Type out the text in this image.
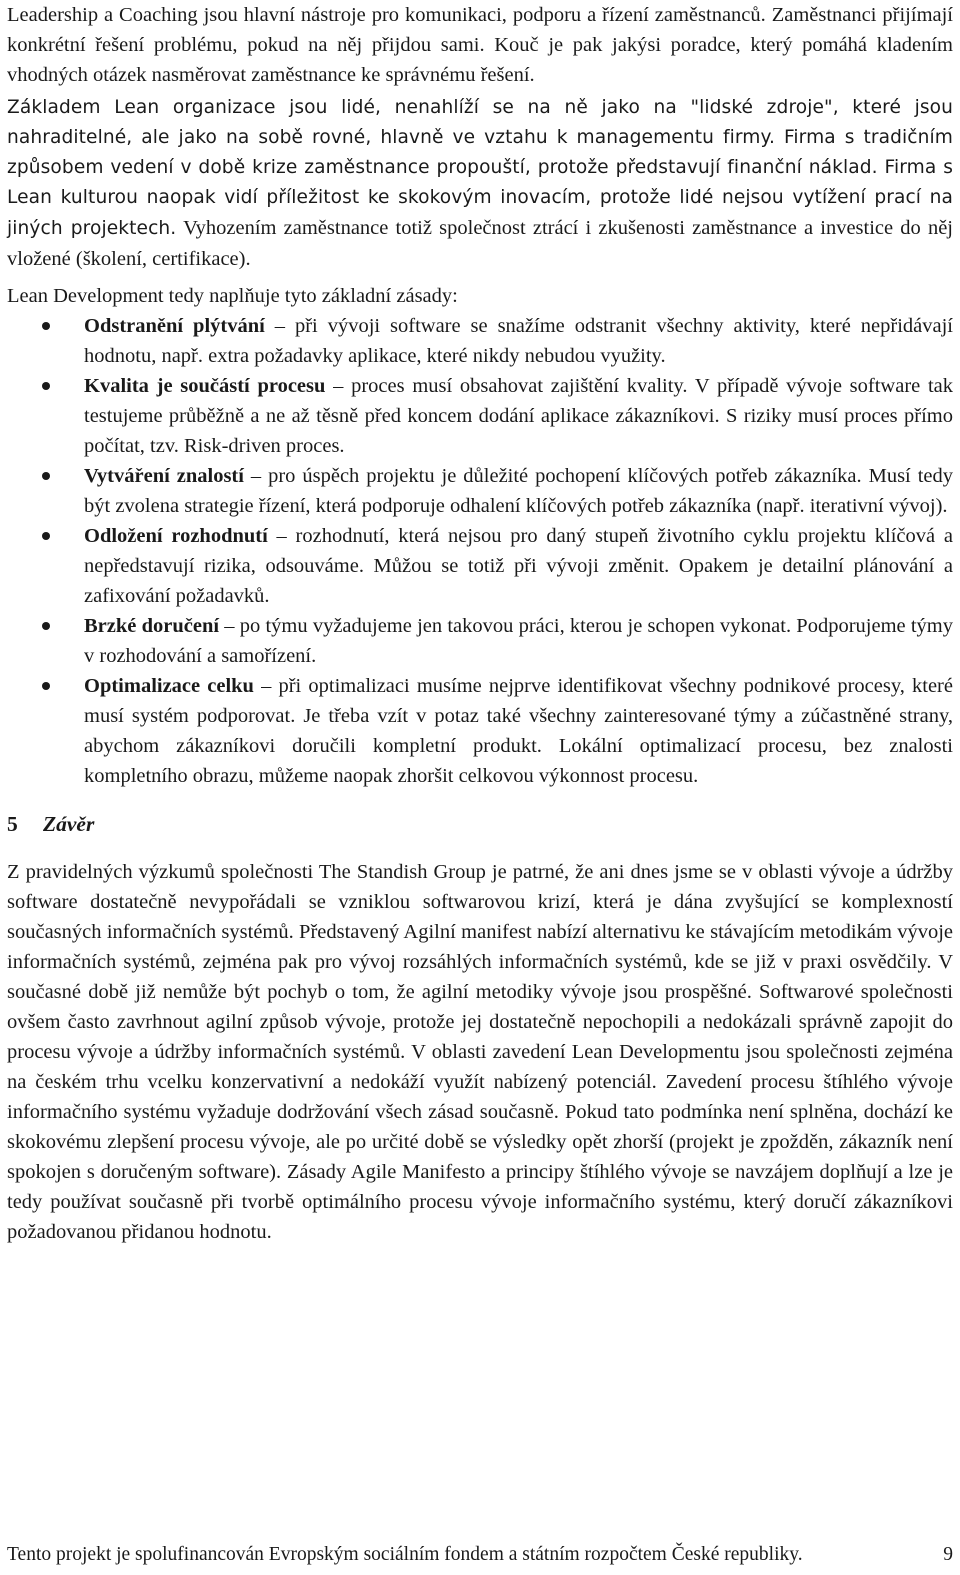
Leadership a Coaching jsou hlavní nástroje pro komunikaci, podporu a řízení zaměstnanců. Zaměstnanci přijímají konkrétní řešení problému, pokud na něj přijdou sami. Kouč je pak jakýsi poradce, který pomáhá kladením vhodných otázek nasměrovat zaměstnance ke správnému řešení.

Základem Lean organizace jsou lidé, nenahlíží se na ně jako na "lidské zdroje", které jsou nahraditelné, ale jako na sobě rovné, hlavně ve vztahu k managementu firmy. Firma s tradičním způsobem vedení v době krize zaměstnance propouští, protože představují finanční náklad. Firma s Lean kulturou naopak vidí příležitost ke skokovým inovacím, protože lidé nejsou vytížení prací na jiných projektech. Vyhozením zaměstnance totiž společnost ztrácí i zkušenosti zaměstnance a investice do něj vložené (školení, certifikace).

Lean Development tedy naplňuje tyto základní zásady:

Odstranění plýtvání – při vývoji software se snažíme odstranit všechny aktivity, které nepřidávají hodnotu, např. extra požadavky aplikace, které nikdy nebudou využity.
Kvalita je součástí procesu – proces musí obsahovat zajištění kvality. V případě vývoje software tak testujeme průběžně a ne až těsně před koncem dodání aplikace zákazníkovi. S riziky musí proces přímo počítat, tzv. Risk-driven proces.
Vytváření znalostí – pro úspěch projektu je důležité pochopení klíčových potřeb zákazníka. Musí tedy být zvolena strategie řízení, která podporuje odhalení klíčových potřeb zákazníka (např. iterativní vývoj).
Odložení rozhodnutí – rozhodnutí, která nejsou pro daný stupeň životního cyklu projektu klíčová a nepředstavují rizika, odsouváme. Můžou se totiž při vývoji změnit. Opakem je detailní plánování a zafixování požadavků.
Brzké doručení – po týmu vyžadujeme jen takovou práci, kterou je schopen vykonat. Podporujeme týmy v rozhodování a samořízení.
Optimalizace celku – při optimalizaci musíme nejprve identifikovat všechny podnikové procesy, které musí systém podporovat. Je třeba vzít v potaz také všechny zainteresované týmy a zúčastněné strany, abychom zákazníkovi doručili kompletní produkt. Lokální optimalizací procesu, bez znalosti kompletního obrazu, můžeme naopak zhoršit celkovou výkonnost procesu.
5 Závěr

Z pravidelných výzkumů společnosti The Standish Group je patrné, že ani dnes jsme se v oblasti vývoje a údržby software dostatečně nevypořádali se vzniklou softwarovou krizí, která je dána zvyšující se komplexností současných informačních systémů. Představený Agilní manifest nabízí alternativu ke stávajícím metodikám vývoje informačních systémů, zejména pak pro vývoj rozsáhlých informačních systémů, kde se již v praxi osvědčily. V současné době již nemůže být pochyb o tom, že agilní metodiky vývoje jsou prospěšné. Softwarové společnosti ovšem často zavrhnout agilní způsob vývoje, protože jej dostatečně nepochopili a nedokázali správně zapojit do procesu vývoje a údržby informačních systémů. V oblasti zavedení Lean Developmentu jsou společnosti zejména na českém trhu vcelku konzervativní a nedokáží využít nabízený potenciál. Zavedení procesu štíhlého vývoje informačního systému vyžaduje dodržování všech zásad současně. Pokud tato podmínka není splněna, dochází ke skokovému zlepšení procesu vývoje, ale po určité době se výsledky opět zhorší (projekt je zpožděn, zákazník není spokojen s doručeným software). Zásady Agile Manifesto a principy štíhlého vývoje se navzájem doplňují a lze je tedy používat současně při tvorbě optimálního procesu vývoje informačního systému, který doručí zákazníkovi požadovanou přidanou hodnotu.

Tento projekt je spolufinancován Evropským sociálním fondem a státním rozpočtem České republiky.	9
